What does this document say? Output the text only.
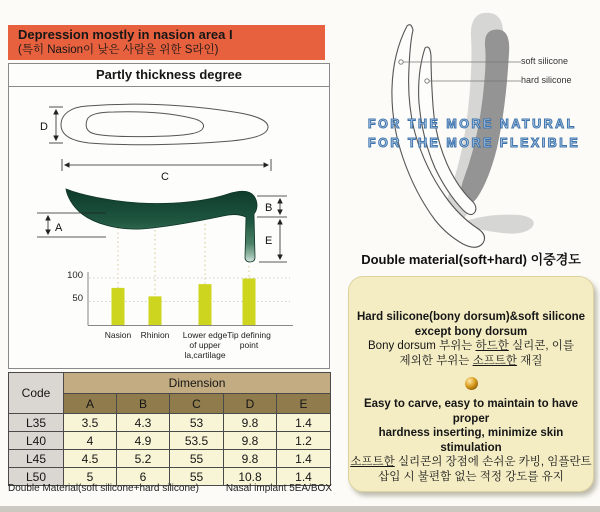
Depression mostly in nasion area I
(특히 Nasion이 낮은 사람을 위한 S라인)
Partly thickness degree
D
C
A
B
E
100
50
Nasion	Rhinion	Lower edge
of upper
la,cartilage
Tip defining
point
Code	Dimension				
	A	B	C	D	E
L35	3.5	4.3	53	9.8	1.4
L40	4	4.9	53.5	9.8	1.2
L45	4.5	5.2	55	9.8	1.4
L50	5	6	55	10.8	1.4
Double Material(soft silicone+hard silicone)	Nasal implant 5EA/BOX
soft silicone
hard silicone
FOR THE MORE NATURAL
FOR THE MORE FLEXIBLE
Double material(soft+hard) 이중경도
Hard silicone(bony dorsum)&soft silicone
except bony dorsum
Bony dorsum 부위는 하드한 실리콘, 이를
제외한 부위는 소프트한 재질
Easy to carve, easy to maintain to have proper
hardness inserting, minimize skin stimulation
소프트한 실리콘의 장점에 손쉬운 카빙, 임플란트
삽입 시 불편함 없는 적정 강도를 유지
